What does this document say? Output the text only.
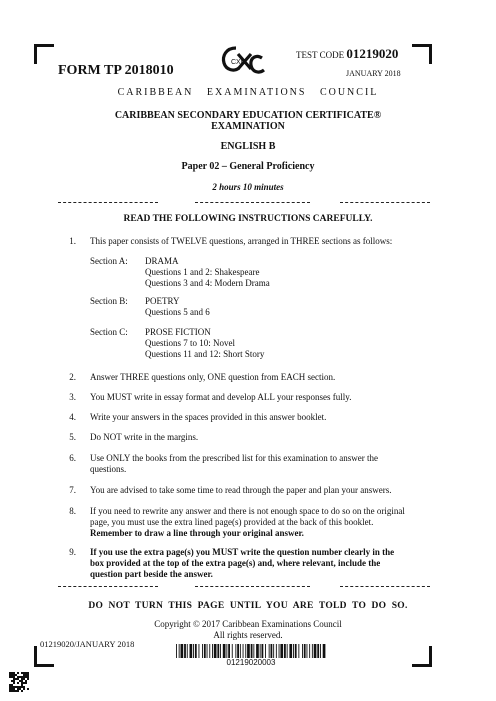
TEST CODE 01219020
FORM TP 2018010
CXC
JANUARY 2018
CARIBBEAN   EXAMINATIONS   COUNCIL
CARIBBEAN SECONDARY EDUCATION CERTIFICATE®
EXAMINATION
ENGLISH B
Paper 02 – General Proficiency
2 hours 10 minutes
READ THE FOLLOWING INSTRUCTIONS CAREFULLY.
1. This paper consists of TWELVE questions, arranged in THREE sections as follows:
Section A: DRAMA
Questions 1 and 2: Shakespeare
Questions 3 and 4: Modern Drama
Section B: POETRY
Questions 5 and 6
Section C: PROSE FICTION
Questions 7 to 10: Novel
Questions 11 and 12: Short Story
2. Answer THREE questions only, ONE question from EACH section.
3. You MUST write in essay format and develop ALL your responses fully.
4. Write your answers in the spaces provided in this answer booklet.
5. Do NOT write in the margins.
6. Use ONLY the books from the prescribed list for this examination to answer the questions.
7. You are advised to take some time to read through the paper and plan your answers.
8. If you need to rewrite any answer and there is not enough space to do so on the original page, you must use the extra lined page(s) provided at the back of this booklet. Remember to draw a line through your original answer.
9. If you use the extra page(s) you MUST write the question number clearly in the box provided at the top of the extra page(s) and, where relevant, include the question part beside the answer.
DO  NOT  TURN  THIS  PAGE  UNTIL  YOU  ARE  TOLD  TO  DO  SO.
Copyright © 2017 Caribbean Examinations Council
All rights reserved.
01219020/JANUARY 2018
01219020003
